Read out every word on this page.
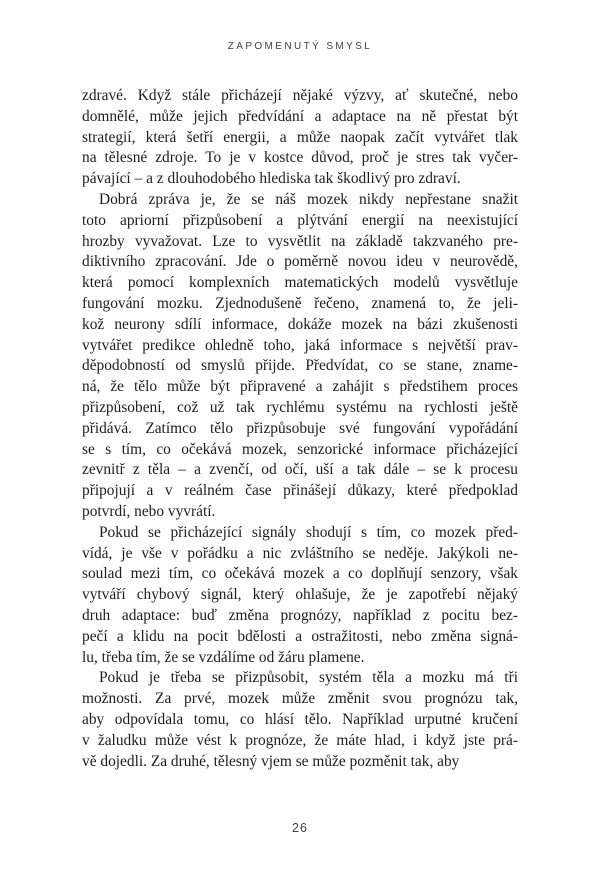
ZAPOMENUTÝ SMYSL
zdravé. Když stále přicházejí nějaké výzvy, ať skutečné, nebo
domnělé, může jejich předvídání a adaptace na ně přestat být
strategií, která šetří energii, a může naopak začít vytvářet tlak
na tělesné zdroje. To je v kostce důvod, proč je stres tak vyčer-
pávající – a z dlouhodobého hlediska tak škodlivý pro zdraví.
Dobrá zpráva je, že se náš mozek nikdy nepřestane snažit
toto apriorní přizpůsobení a plýtvání energií na neexistující
hrozby vyvažovat. Lze to vysvětlit na základě takzvaného pre-
diktivního zpracování. Jde o poměrně novou ideu v neurovědě,
která pomocí komplexních matematických modelů vysvětluje
fungování mozku. Zjednodušeně řečeno, znamená to, že jeli-
kož neurony sdílí informace, dokáže mozek na bázi zkušenosti
vytvářet predikce ohledně toho, jaká informace s největší prav-
děpodobností od smyslů přijde. Předvídat, co se stane, zname-
ná, že tělo může být připravené a zahájit s předstihem proces
přizpůsobení, což už tak rychlému systému na rychlosti ještě
přidává. Zatímco tělo přizpůsobuje své fungování vypořádání
se s tím, co očekává mozek, senzorické informace přicházející
zevnitř z těla – a zvenčí, od očí, uší a tak dále – se k procesu
připojují a v reálném čase přinášejí důkazy, které předpoklad
potvrdí, nebo vyvrátí.
Pokud se přicházející signály shodují s tím, co mozek před-
vídá, je vše v pořádku a nic zvláštního se neděje. Jakýkoli ne-
soulad mezi tím, co očekává mozek a co doplňují senzory, však
vytváří chybový signál, který ohlašuje, že je zapotřebí nějaký
druh adaptace: buď změna prognózy, například z pocitu bez-
pečí a klidu na pocit bdělosti a ostražitosti, nebo změna signá-
lu, třeba tím, že se vzdálíme od žáru plamene.
Pokud je třeba se přizpůsobit, systém těla a mozku má tři
možnosti. Za prvé, mozek může změnit svou prognózu tak,
aby odpovídala tomu, co hlásí tělo. Například urputné kručení
v žaludku může vést k prognóze, že máte hlad, i když jste prá-
vě dojedli. Za druhé, tělesný vjem se může pozměnit tak, aby
26
